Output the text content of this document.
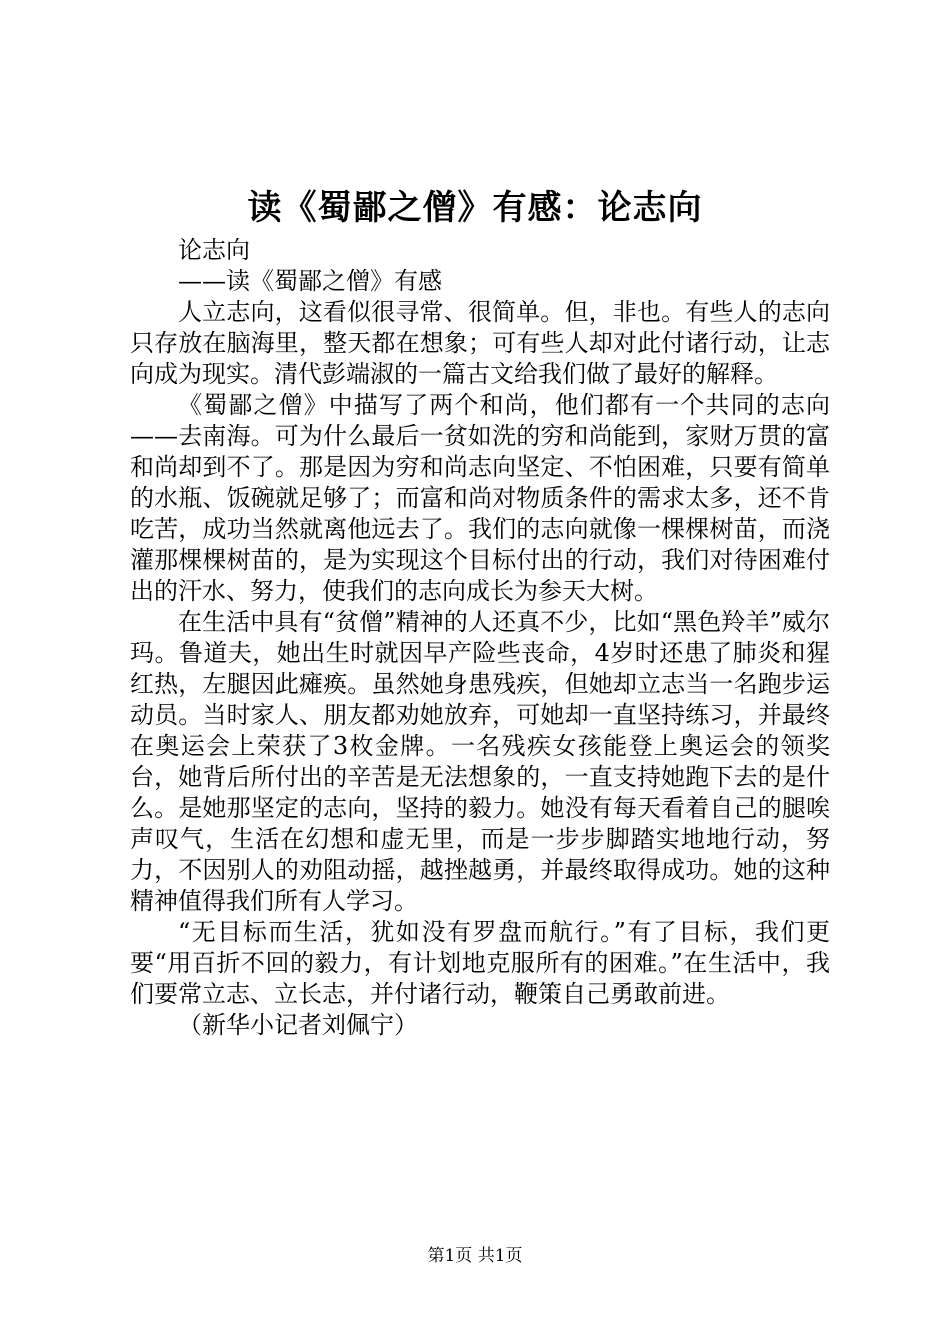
读《蜀鄙之僧》有感：论志向

论志向

——读《蜀鄙之僧》有感

人立志向，这看似很寻常、很简单。但，非也。有些人的志向只存放在脑海里，整天都在想象；可有些人却对此付诸行动，让志向成为现实。清代彭端淑的一篇古文给我们做了最好的解释。

《蜀鄙之僧》中描写了两个和尚，他们都有一个共同的志向——去南海。可为什么最后一贫如洗的穷和尚能到，家财万贯的富和尚却到不了。那是因为穷和尚志向坚定、不怕困难，只要有简单的水瓶、饭碗就足够了；而富和尚对物质条件的需求太多，还不肯吃苦，成功当然就离他远去了。我们的志向就像一棵棵树苗，而浇灌那棵棵树苗的，是为实现这个目标付出的行动，我们对待困难付出的汗水、努力，使我们的志向成长为参天大树。

在生活中具有“贫僧”精神的人还真不少，比如“黑色羚羊”威尔玛。鲁道夫，她出生时就因早产险些丧命，4岁时还患了肺炎和猩红热，左腿因此瘫痪。虽然她身患残疾，但她却立志当一名跑步运动员。当时家人、朋友都劝她放弃，可她却一直坚持练习，并最终在奥运会上荣获了3枚金牌。一名残疾女孩能登上奥运会的领奖台，她背后所付出的辛苦是无法想象的，一直支持她跑下去的是什么。是她那坚定的志向，坚持的毅力。她没有每天看着自己的腿唉声叹气，生活在幻想和虚无里，而是一步步脚踏实地地行动，努力，不因别人的劝阻动摇，越挫越勇，并最终取得成功。她的这种精神值得我们所有人学习。

“无目标而生活，犹如没有罗盘而航行。”有了目标，我们更要“用百折不回的毅力，有计划地克服所有的困难。”在生活中，我们要常立志、立长志，并付诸行动，鞭策自己勇敢前进。

（新华小记者刘佩宁）

第1页 共1页
